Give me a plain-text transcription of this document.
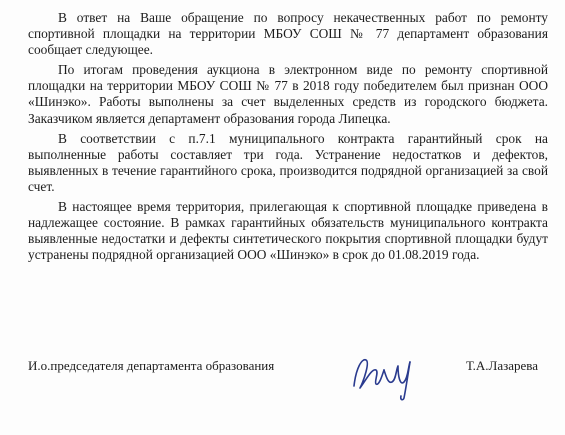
В ответ на Ваше обращение по вопросу некачественных работ по ремонту спортивной площадки на территории МБОУ СОШ № 77 департамент образования сообщает следующее.

По итогам проведения аукциона в электронном виде по ремонту спортивной площадки на территории МБОУ СОШ № 77 в 2018 году победителем был признан ООО «Шинэко». Работы выполнены за счет выделенных средств из городского бюджета. Заказчиком является департамент образования города Липецка.

В соответствии с п.7.1 муниципального контракта гарантийный срок на выполненные работы составляет три года. Устранение недостатков и дефектов, выявленных в течение гарантийного срока, производится подрядной организацией за свой счет.

В настоящее время территория, прилегающая к спортивной площадке приведена в надлежащее состояние. В рамках гарантийных обязательств муниципального контракта выявленные недостатки и дефекты синтетического покрытия спортивной площадки будут устранены подрядной организацией ООО «Шинэко» в срок до 01.08.2019 года.

И.о.председателя департамента образования	Т.А.Лазарева
